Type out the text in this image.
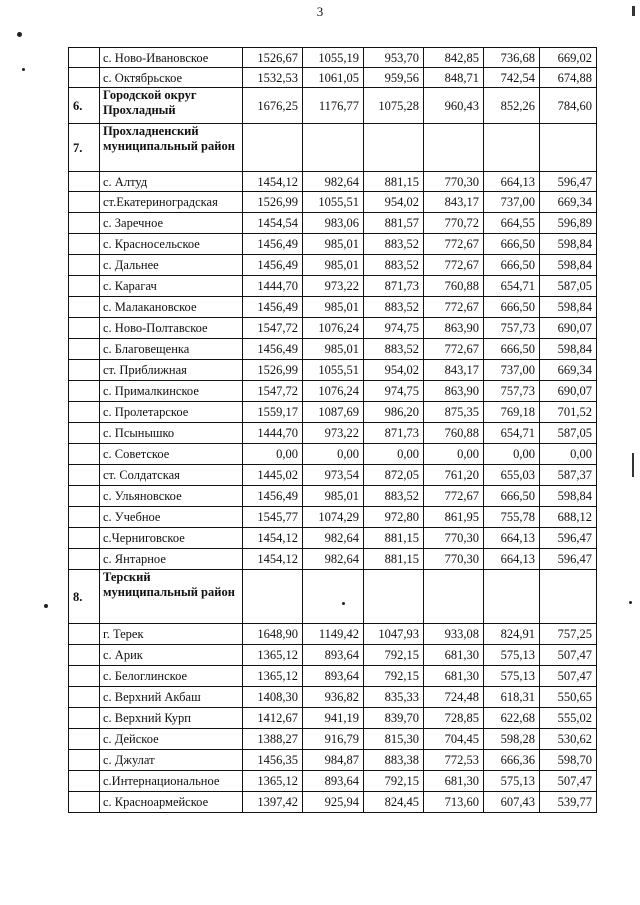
3
	с. Ново-Ивановское	1526,67	1055,19	953,70	842,85	736,68	669,02
	с. Октябрьское	1532,53	1061,05	959,56	848,71	742,54	674,88
6.	Городской округ Прохладный	1676,25	1176,77	1075,28	960,43	852,26	784,60
7.	Прохладненский муниципальный район						
	с. Алтуд	1454,12	982,64	881,15	770,30	664,13	596,47
	ст.Екатериноградская	1526,99	1055,51	954,02	843,17	737,00	669,34
	с. Заречное	1454,54	983,06	881,57	770,72	664,55	596,89
	с. Красносельское	1456,49	985,01	883,52	772,67	666,50	598,84
	с. Дальнее	1456,49	985,01	883,52	772,67	666,50	598,84
	с. Карагач	1444,70	973,22	871,73	760,88	654,71	587,05
	с. Малакановское	1456,49	985,01	883,52	772,67	666,50	598,84
	с. Ново-Полтавское	1547,72	1076,24	974,75	863,90	757,73	690,07
	с. Благовещенка	1456,49	985,01	883,52	772,67	666,50	598,84
	ст. Приближная	1526,99	1055,51	954,02	843,17	737,00	669,34
	с. Прималкинское	1547,72	1076,24	974,75	863,90	757,73	690,07
	с. Пролетарское	1559,17	1087,69	986,20	875,35	769,18	701,52
	с. Псынышко	1444,70	973,22	871,73	760,88	654,71	587,05
	с. Советское	0,00	0,00	0,00	0,00	0,00	0,00
	ст. Солдатская	1445,02	973,54	872,05	761,20	655,03	587,37
	с. Ульяновское	1456,49	985,01	883,52	772,67	666,50	598,84
	с. Учебное	1545,77	1074,29	972,80	861,95	755,78	688,12
	с.Черниговское	1454,12	982,64	881,15	770,30	664,13	596,47
	с. Янтарное	1454,12	982,64	881,15	770,30	664,13	596,47
8.	Терский муниципальный район						
	г. Терек	1648,90	1149,42	1047,93	933,08	824,91	757,25
	с. Арик	1365,12	893,64	792,15	681,30	575,13	507,47
	с. Белоглинское	1365,12	893,64	792,15	681,30	575,13	507,47
	с. Верхний Акбаш	1408,30	936,82	835,33	724,48	618,31	550,65
	с. Верхний Курп	1412,67	941,19	839,70	728,85	622,68	555,02
	с. Дейское	1388,27	916,79	815,30	704,45	598,28	530,62
	с. Джулат	1456,35	984,87	883,38	772,53	666,36	598,70
	с.Интернациональное	1365,12	893,64	792,15	681,30	575,13	507,47
	с. Красноармейское	1397,42	925,94	824,45	713,60	607,43	539,77
